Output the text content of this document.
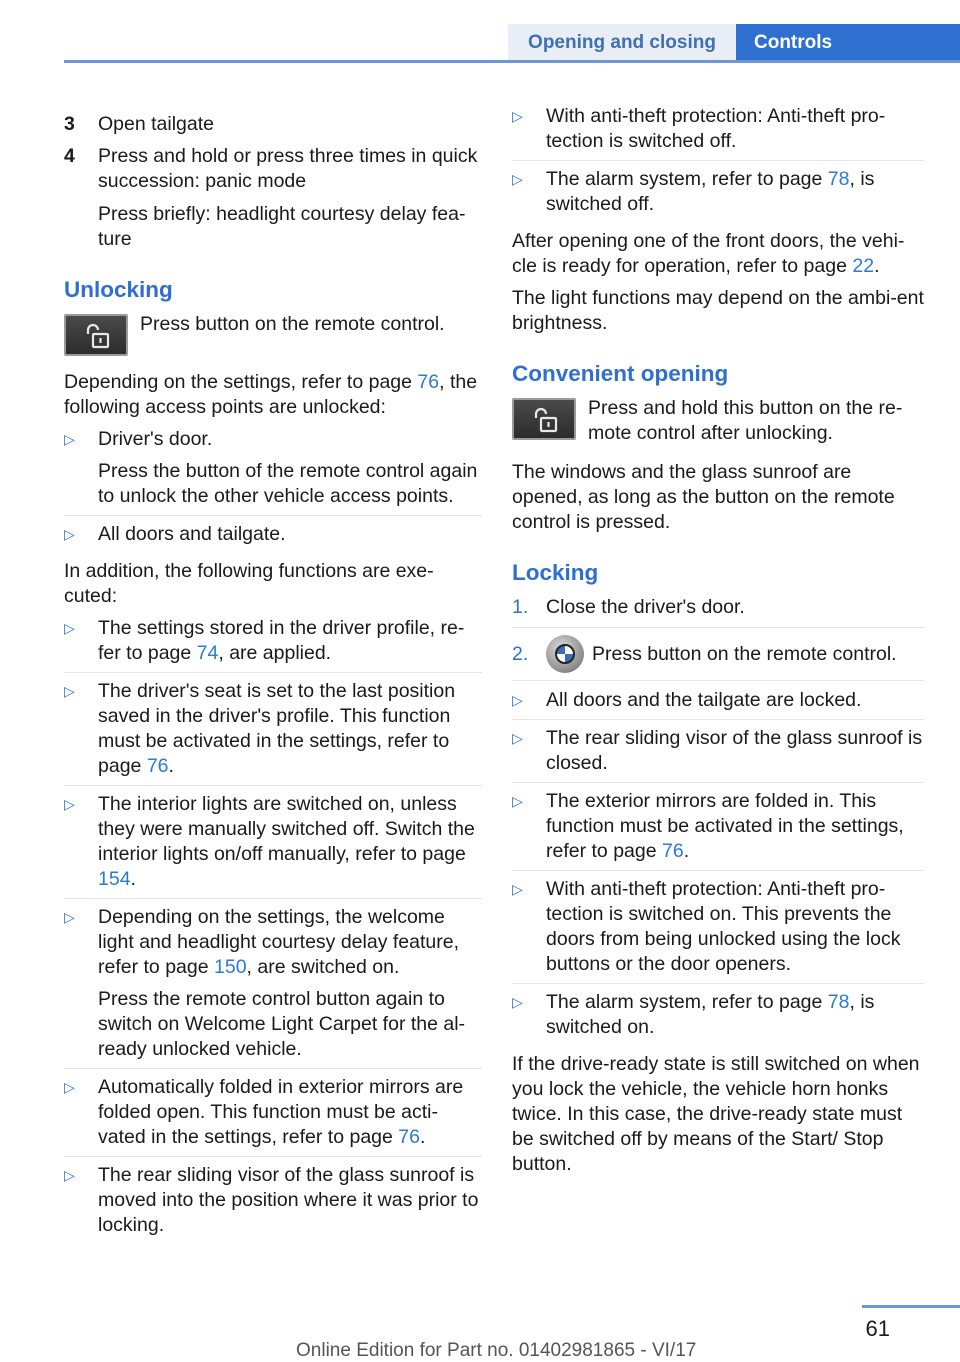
Opening and closing	Controls
3	Open tailgate

4	Press and hold or press three times in quick succession: panic mode

Press briefly: headlight courtesy delay fea-ture

Unlocking
Press button on the remote control.

Depending on the settings, refer to page 76, the following access points are unlocked:

▷	Driver's door.

Press the button of the remote control again to unlock the other vehicle access points.

▷	All doors and tailgate.

In addition, the following functions are exe-cuted:

▷	The settings stored in the driver profile, re-fer to page 74, are applied.

▷	The driver's seat is set to the last position saved in the driver's profile. This function must be activated in the settings, refer to page 76.

▷	The interior lights are switched on, unless they were manually switched off. Switch the interior lights on/off manually, refer to page 154.

▷	Depending on the settings, the welcome light and headlight courtesy delay feature, refer to page 150, are switched on.

Press the remote control button again to switch on Welcome Light Carpet for the al-ready unlocked vehicle.

▷	Automatically folded in exterior mirrors are folded open. This function must be acti-vated in the settings, refer to page 76.

▷	The rear sliding visor of the glass sunroof is moved into the position where it was prior to locking.

▷	With anti-theft protection: Anti-theft pro-tection is switched off.

▷	The alarm system, refer to page 78, is switched off.

After opening one of the front doors, the vehi-cle is ready for operation, refer to page 22.

The light functions may depend on the ambi-ent brightness.

Convenient opening
Press and hold this button on the re-mote control after unlocking.

The windows and the glass sunroof are opened, as long as the button on the remote control is pressed.

Locking
1. Close the driver's door.
2.	Press button on the remote control.
▷	All doors and the tailgate are locked.

▷	The rear sliding visor of the glass sunroof is closed.

▷	The exterior mirrors are folded in. This function must be activated in the settings, refer to page 76.

▷	With anti-theft protection: Anti-theft pro-tection is switched on. This prevents the doors from being unlocked using the lock buttons or the door openers.

▷	The alarm system, refer to page 78, is switched on.

If the drive-ready state is still switched on when you lock the vehicle, the vehicle horn honks twice. In this case, the drive-ready state must be switched off by means of the Start/ Stop button.

61
Online Edition for Part no. 01402981865 - VI/17
